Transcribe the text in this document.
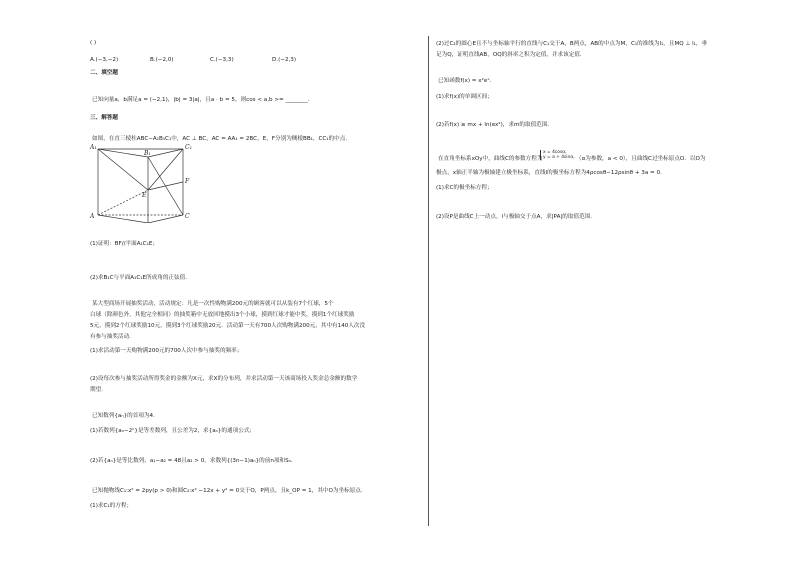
( )
A.(−3,−2)	B.(−2,0)	C.(−3,3)	D.(−2,3)
二、填空题
已知向量a，b满足a = (−2,1)，|b| = 3|a|，且a · b = 5，则cos < a,b >= ________．
三、解答题
如图，在直三棱柱ABC−A₁B₁C₁中，AC ⊥ BC，AC = AA₁ = 2BC，E，F分别为侧棱BB₁，CC₁的中点．
A₁
B₁
C₁
E
F
A	C
(1)证明：BF//平面A₁C₁E；
(2)求B₁C与平面A₁C₁E所成角的正弦值．
某大型商场开展抽奖活动，活动规定：凡是一次性购物满200元的顾客就可以从装有7个红球，5个
白球（除颜色外，其他完全相同）的抽奖箱中无放回地摸出3个小球，摸到红球才能中奖，摸到1个红球奖励
5元，摸到2个红球奖励10元，摸到3个红球奖励20元．活动第一天有700人次购物满200元，其中有140人次没
有参与抽奖活动．
(1)求活动第一天购物满200元的700人次中参与抽奖的频率；
(2)设每次参与抽奖活动所得奖金的金额为X元，求X的分布列，并求活动第一天该商场投入奖金总金额的数学
期望．
已知数列{aₙ}的首项为4．
(1)若数列{aₙ−2ⁿ}是等差数列，且公差为2，求{aₙ}的通项公式；
(2)若{aₙ}是等比数列，a₁−a₂ = 48且a₂ > 0，求数列{(3n−1)aₙ}的前n项和Sₙ．
已知抛物线C₁:x² = 2py(p > 0)和圆C₂:x² −12x + y² = 0交于O，P两点，且k_OP = 1，其中O为坐标原点．
(1)求C₁的方程；
(2)过C₂的圆心E且不与坐标轴平行的直线与C₁交于A，B两点，AB的中点为M，C₁的准线为l₁，且MQ ⊥ l₁，垂
足为Q，证明直线AB，OQ的斜率之积为定值，并求该定值．
已知函数f(x) = x²eˣ．
(1)求f(x)的单调区间；
(2)若f(x) ≥ mx + ln(ex²)，求m的取值范围．
在直角坐标系xOy中，曲线C的参数方程为
x = 4cosα,
y = a + 4sinα, （α为参数，a < 0），且曲线C过坐标原点O．以O为
极点，x轴正半轴为极轴建立极坐标系，直线l的极坐标方程为4ρcosθ−12ρsinθ + 3a = 0．
(1)求C的极坐标方程；
(2)设P是曲线C上一动点，l与极轴交于点A，求|PA|的取值范围．
